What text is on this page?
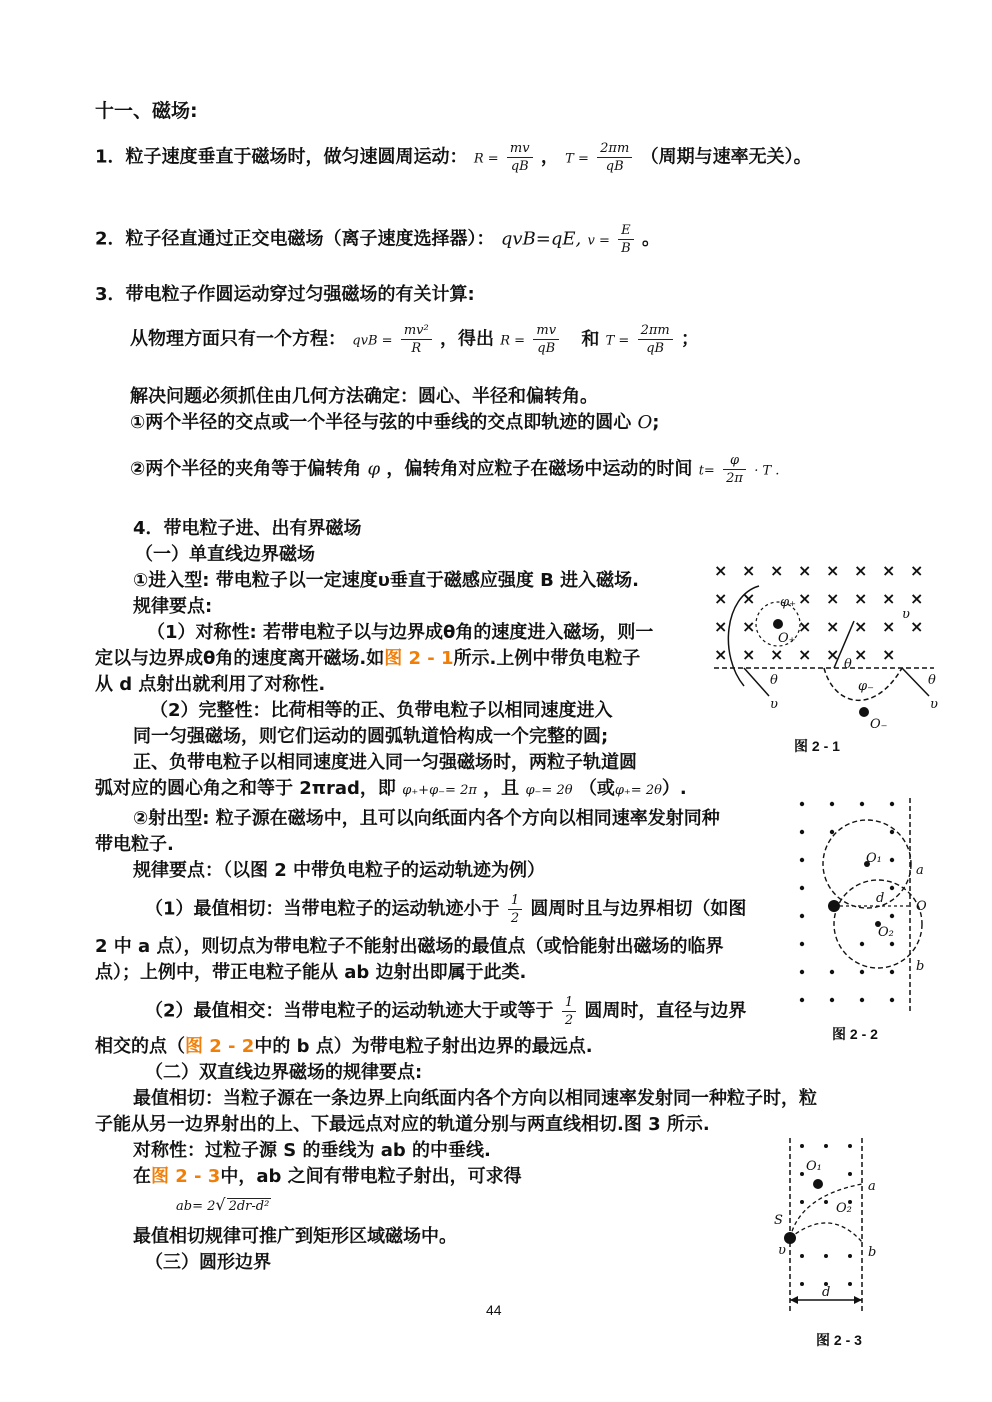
十一、磁场:
1．粒子速度垂直于磁场时，做匀速圆周运动： $R = \frac{mv}{qB}$ ， $T = \frac{2\pi m}{qB}$ （周期与速率无关）。
2．粒子径直通过正交电磁场（离子速度选择器）： qvB=qE, $v = \frac{E}{B}$ 。
3．带电粒子作圆运动穿过匀强磁场的有关计算:
从物理方面只有一个方程： qvB = $\frac{\text{mv²}}{R}$ ，得出 $R = \frac{mv}{qB}$ 和 $T = \frac{2\pi m}{qB}$ ；
解决问题必须抓住由几何方法确定：圆心、半径和偏转角。
①两个半径的交点或一个半径与弦的中垂线的交点即轨迹的圆心 O;
②两个半径的夹角等于偏转角 φ ，偏转角对应粒子在磁场中运动的时间 $t= \frac{\varphi}{2\pi} \cdot T$ .
4．带电粒子进、出有界磁场
（一）单直线边界磁场
①进入型: 带电粒子以一定速度υ垂直于磁感应强度 B 进入磁场.
规律要点:
（1）对称性: 若带电粒子以与边界成θ角的速度进入磁场，则一
定以与边界成θ角的速度离开磁场.如图 2 - 1所示.上例中带负电粒子
从 d 点射出就利用了对称性.
（2）完整性：比荷相等的正、负带电粒子以相同速度进入
同一匀强磁场，则它们运动的圆弧轨道恰构成一个完整的圆;
正、负带电粒子以相同速度进入同一匀强磁场时，两粒子轨道圆
弧对应的圆心角之和等于 2πrad，即 φ₊+φ₋= 2π ，且 φ₋= 2θ （或φ₊= 2θ）.
②射出型: 粒子源在磁场中，且可以向纸面内各个方向以相同速率发射同种
带电粒子.
规律要点：（以图 2 中带负电粒子的运动轨迹为例）
（1）最值相切：当带电粒子的运动轨迹小于 $\frac{1}{2}$ 圆周时且与边界相切（如图
2 中 a 点），则切点为带电粒子不能射出磁场的最值点（或恰能射出磁场的临界
点）；上例中，带正电粒子能从 ab 边射出即属于此类.
（2）最值相交：当带电粒子的运动轨迹大于或等于 $\frac{1}{2}$ 圆周时，直径与边界
相交的点（图 2 - 2中的 b 点）为带电粒子射出边界的最远点.
（二）双直线边界磁场的规律要点:
最值相切：当粒子源在一条边界上向纸面内各个方向以相同速率发射同一种粒子时，粒
子能从另一边界射出的上、下最远点对应的轨道分别与两直线相切.图 3 所示.
对称性：过粒子源 S 的垂线为 ab 的中垂线.
在图 2 - 3中，ab 之间有带电粒子射出，可求得
ab= 2√ 2dr-d²
最值相切规律可推广到矩形区域磁场中。
（三）圆形边界
× × × × × × × ×
× ×	× × × × ×
× ×	× × × × ×
× × × × × × ×
φ₊
O₊
θ
υ
θ
φ₋
O₋
θ
υ
υ
图 2 - 1
O₁
O₂
a
O
b
d
图 2 - 2
O₁
O₂
a
b
S
υ
d
图 2 - 3
44
